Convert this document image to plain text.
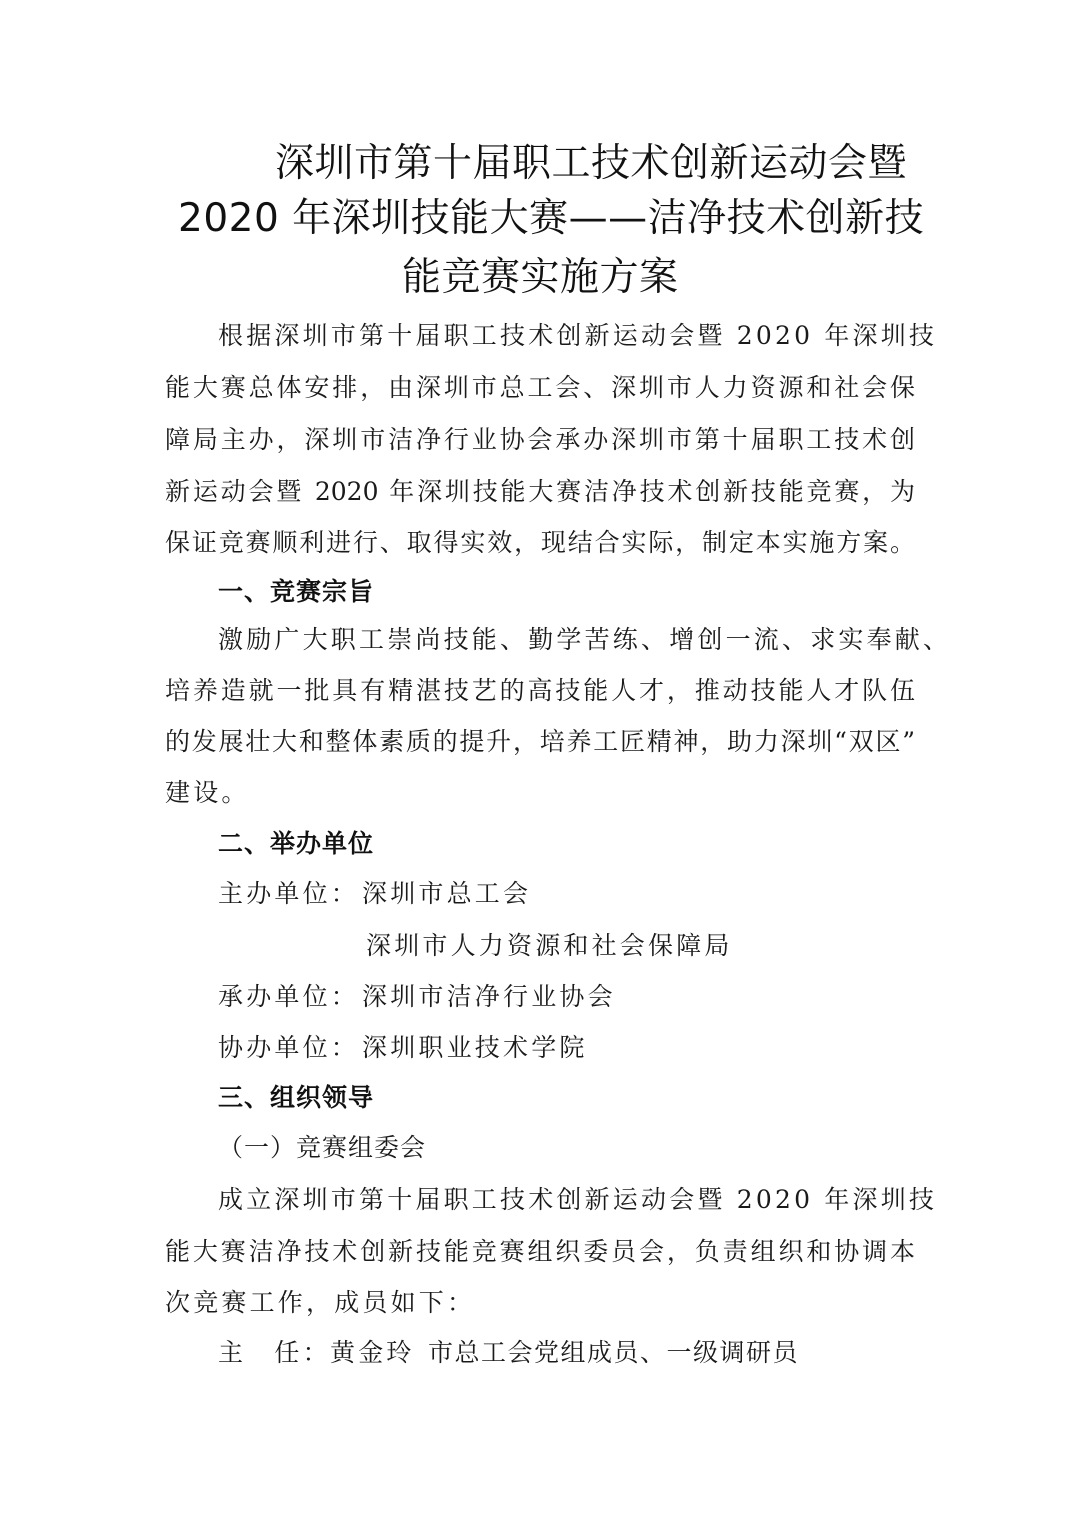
深圳市第十届职工技术创新运动会暨
2020 年深圳技能大赛——洁净技术创新技
能竞赛实施方案
根据深圳市第十届职工技术创新运动会暨 2020 年深圳技
能大赛总体安排，由深圳市总工会、深圳市人力资源和社会保
障局主办，深圳市洁净行业协会承办深圳市第十届职工技术创
新运动会暨 2020 年深圳技能大赛洁净技术创新技能竞赛，为
保证竞赛顺利进行、取得实效，现结合实际，制定本实施方案。
一、竞赛宗旨
激励广大职工崇尚技能、勤学苦练、增创一流、求实奉献、
培养造就一批具有精湛技艺的高技能人才，推动技能人才队伍
的发展壮大和整体素质的提升，培养工匠精神，助力深圳“双区”
建设。
二、举办单位
主办单位： 深圳市总工会
深圳市人力资源和社会保障局
承办单位： 深圳市洁净行业协会
协办单位： 深圳职业技术学院
三、组织领导
（一）竞赛组委会
成立深圳市第十届职工技术创新运动会暨 2020 年深圳技
能大赛洁净技术创新技能竞赛组织委员会，负责组织和协调本
次竞赛工作，成员如下：
主　任： 黄金玲 市总工会党组成员、一级调研员
